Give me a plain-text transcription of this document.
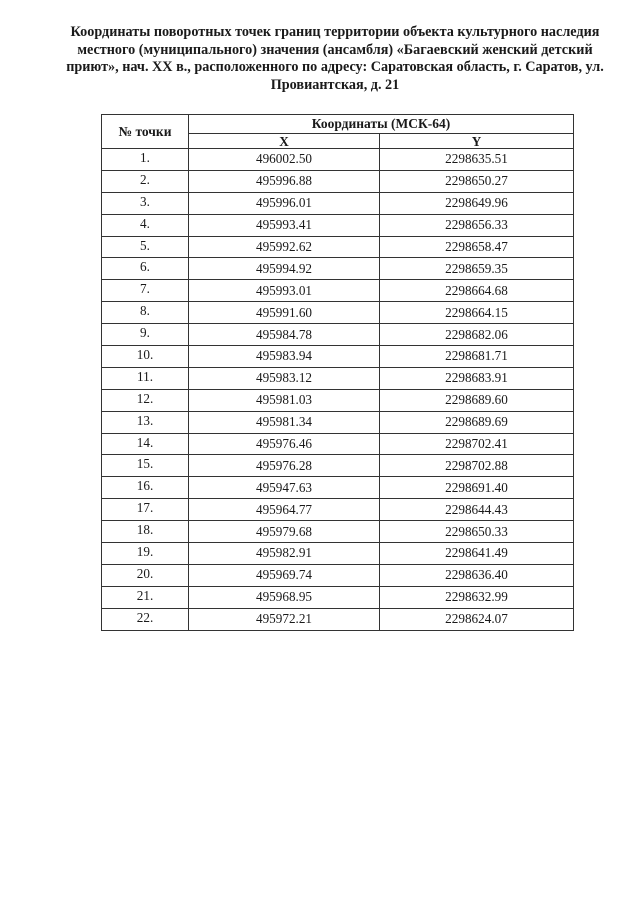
Координаты поворотных точек границ территории объекта культурного наследия местного (муниципального) значения (ансамбля) «Багаевский женский детский приют», нач. XX в., расположенного по адресу: Саратовская область, г. Саратов, ул. Провиантская, д. 21
№ точки	Координаты (МСК-64)	
	X	Y
1.	496002.50	2298635.51
2.	495996.88	2298650.27
3.	495996.01	2298649.96
4.	495993.41	2298656.33
5.	495992.62	2298658.47
6.	495994.92	2298659.35
7.	495993.01	2298664.68
8.	495991.60	2298664.15
9.	495984.78	2298682.06
10.	495983.94	2298681.71
11.	495983.12	2298683.91
12.	495981.03	2298689.60
13.	495981.34	2298689.69
14.	495976.46	2298702.41
15.	495976.28	2298702.88
16.	495947.63	2298691.40
17.	495964.77	2298644.43
18.	495979.68	2298650.33
19.	495982.91	2298641.49
20.	495969.74	2298636.40
21.	495968.95	2298632.99
22.	495972.21	2298624.07
